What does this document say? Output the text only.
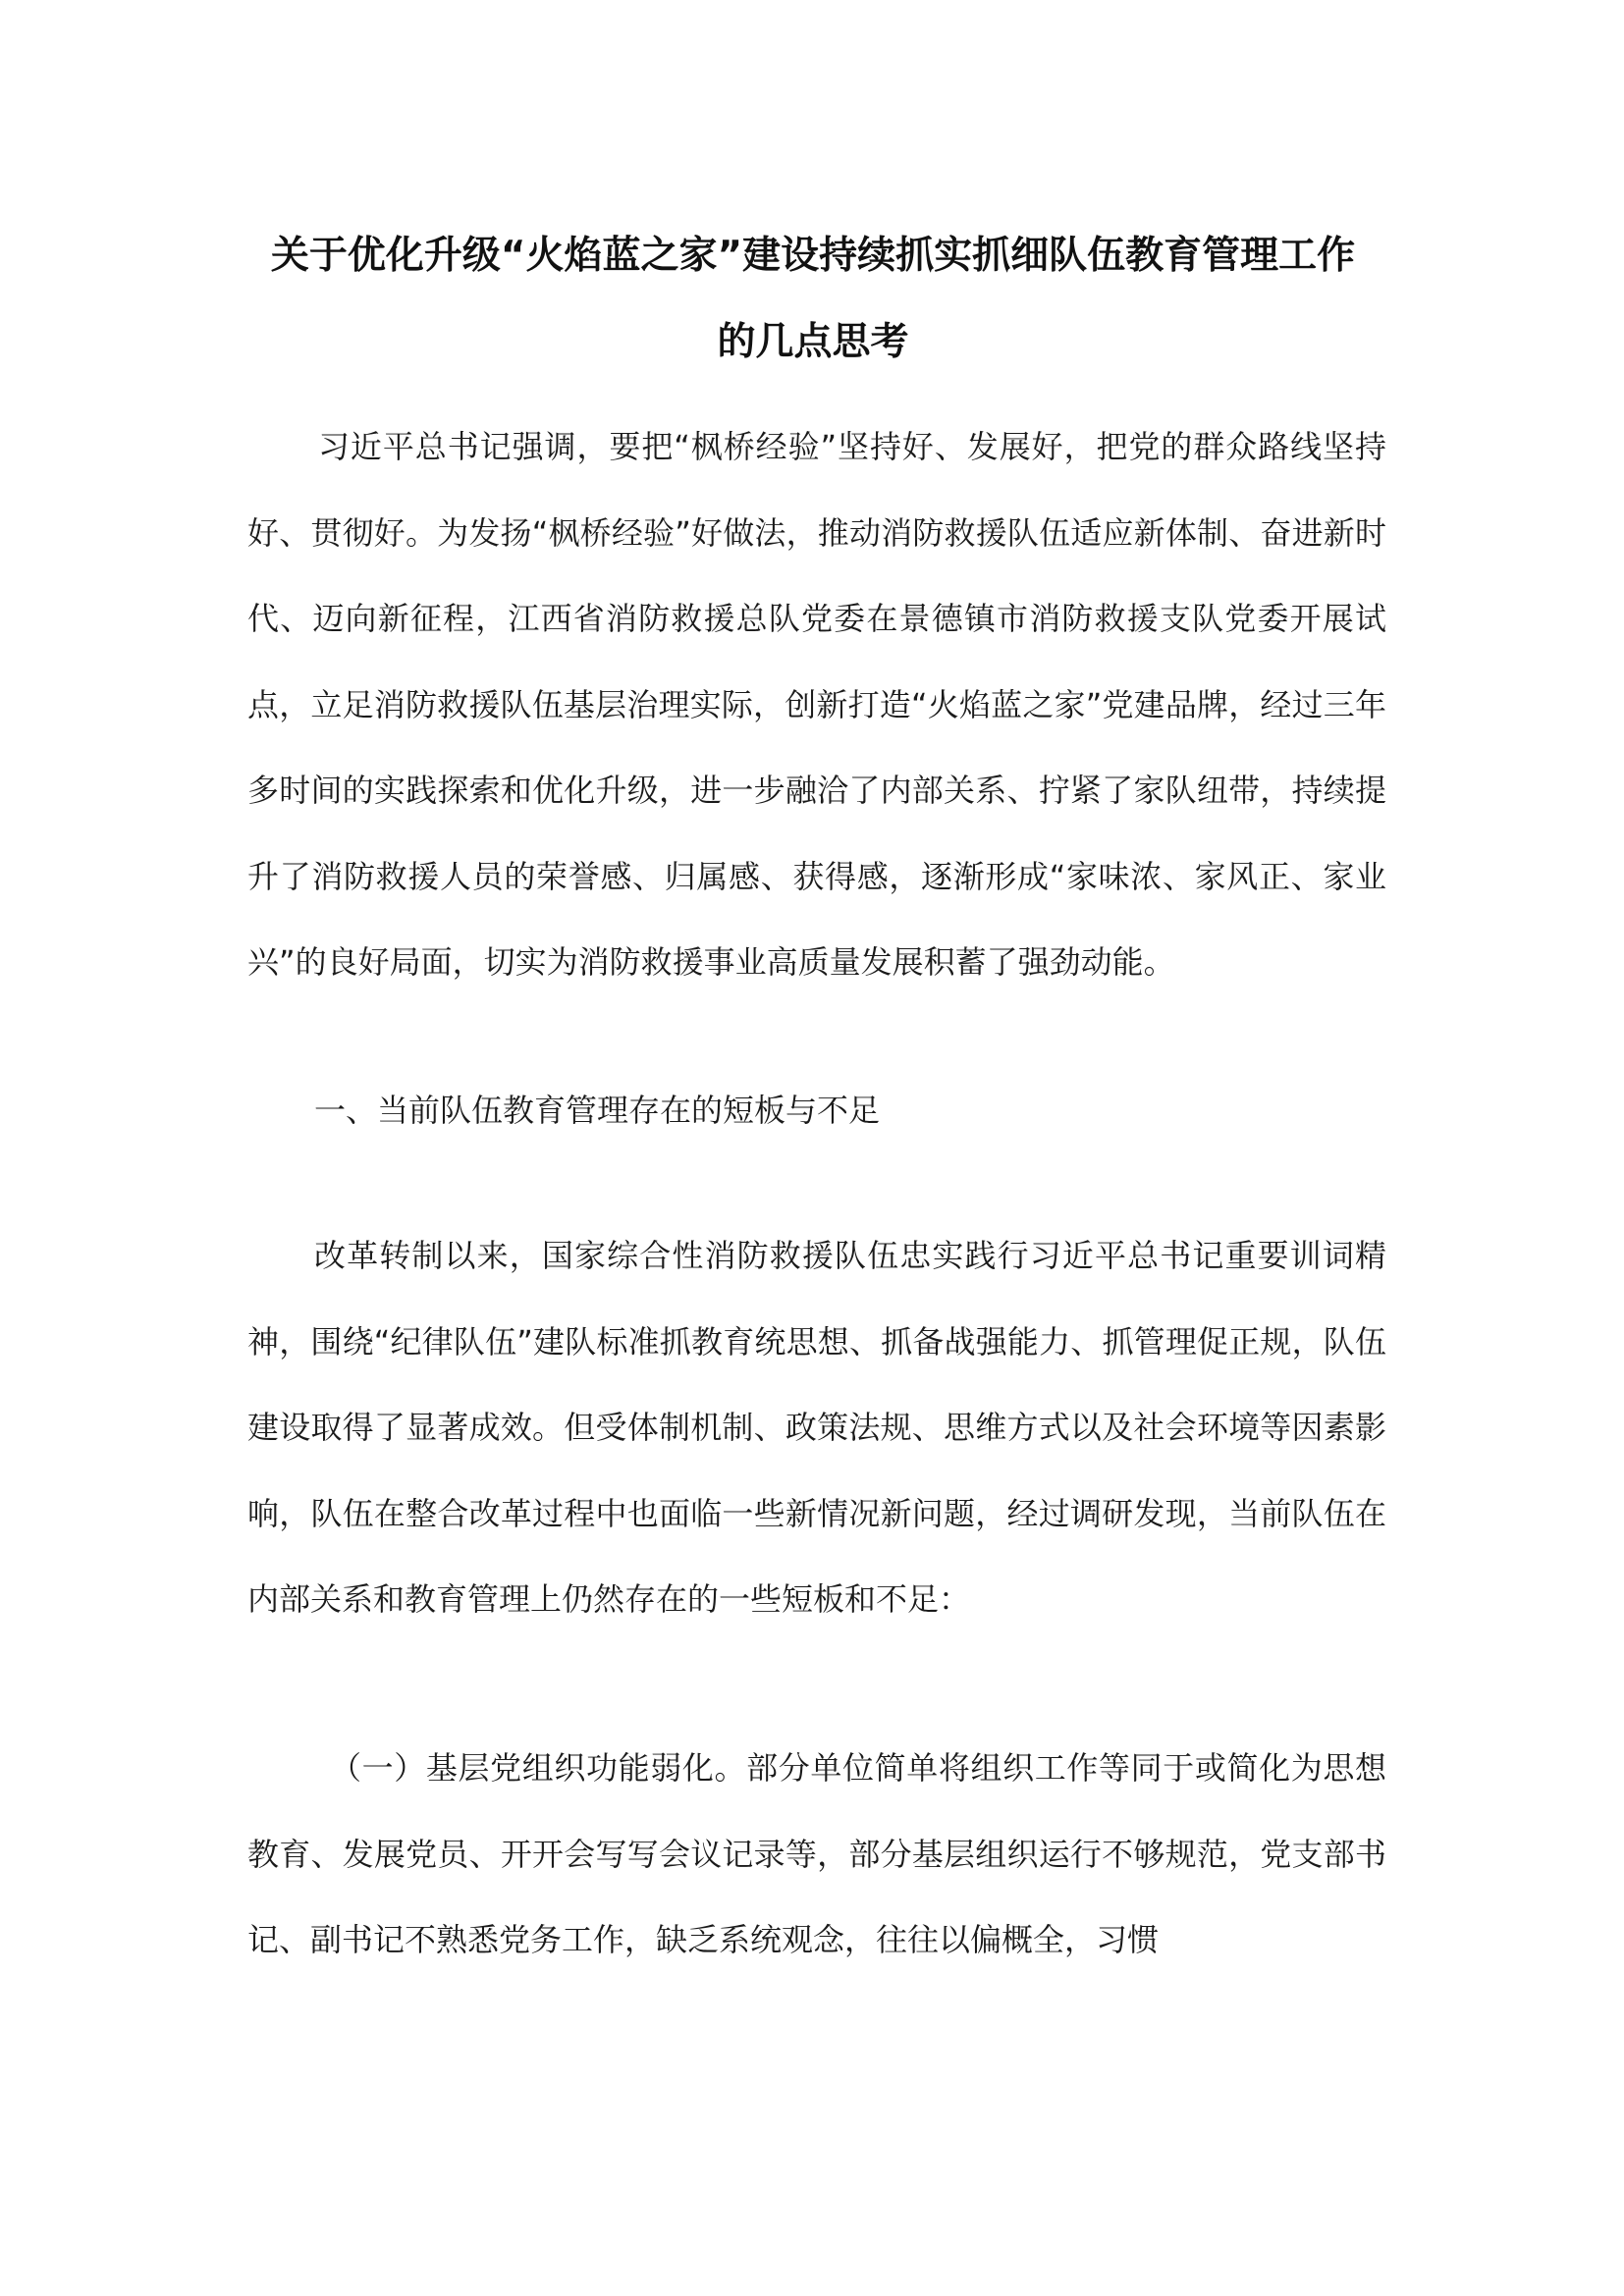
关于优化升级“火焰蓝之家”建设持续抓实抓细队伍教育管理工作
的几点思考

习近平总书记强调，要把“枫桥经验”坚持好、发展好，把党的群众路线坚持好、贯彻好。为发扬“枫桥经验”好做法，推动消防救援队伍适应新体制、奋进新时代、迈向新征程，江西省消防救援总队党委在景德镇市消防救援支队党委开展试点，立足消防救援队伍基层治理实际，创新打造“火焰蓝之家”党建品牌，经过三年多时间的实践探索和优化升级，进一步融洽了内部关系、拧紧了家队纽带，持续提升了消防救援人员的荣誉感、归属感、获得感，逐渐形成“家味浓、家风正、家业兴”的良好局面，切实为消防救援事业高质量发展积蓄了强劲动能。

一、当前队伍教育管理存在的短板与不足

改革转制以来，国家综合性消防救援队伍忠实践行习近平总书记重要训词精神，围绕“纪律队伍”建队标准抓教育统思想、抓备战强能力、抓管理促正规，队伍建设取得了显著成效。但受体制机制、政策法规、思维方式以及社会环境等因素影响，队伍在整合改革过程中也面临一些新情况新问题，经过调研发现，当前队伍在内部关系和教育管理上仍然存在的一些短板和不足：

（一）基层党组织功能弱化。部分单位简单将组织工作等同于或简化为思想教育、发展党员、开开会写写会议记录等，部分基层组织运行不够规范，党支部书记、副书记不熟悉党务工作，缺乏系统观念，往往以偏概全，习惯
